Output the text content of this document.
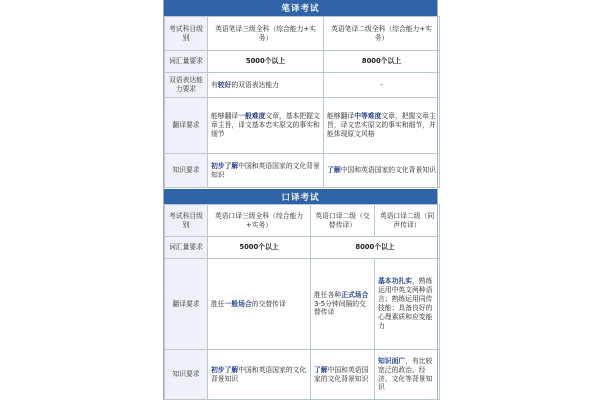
笔译考试
考试科目级别	英语笔译三级全科（综合能力+实务）	英语笔译二级全科（综合能力+实务）
词汇量要求	5000个以上	8000个以上
双语表达能力要求	有较好的双语表达能力	-
翻译要求	能够翻译一般难度文章，基本把握文章主旨，译文基本忠实原文的事实和细节	能够翻译中等难度文章，把握文章主旨，译文忠实原文的事实和细节，并能体现原文风格
知识要求	初步了解中国和英语国家的文化背景知识	了解中国和英语国家的文化背景知识
口译考试
考试科目级别	英语口译三级全科（综合能力+实务）	英语口译二级（交替传译）	英语口译二级（同声传译）
词汇量要求	5000个以上	8000个以上	
翻译要求	胜任一般场合的交替传译	胜任各种正式场合3-5分钟间隔的交替传译	基本功扎实，熟练运用中英文两种语言；熟练运用同传技能；具备良好的心理素质和应变能力
知识要求	初步了解中国和英语国家的文化背景知识	了解中国和英语国家的文化背景知识	知识面广，有比较宽泛的政治、经济、文化等背景知识
